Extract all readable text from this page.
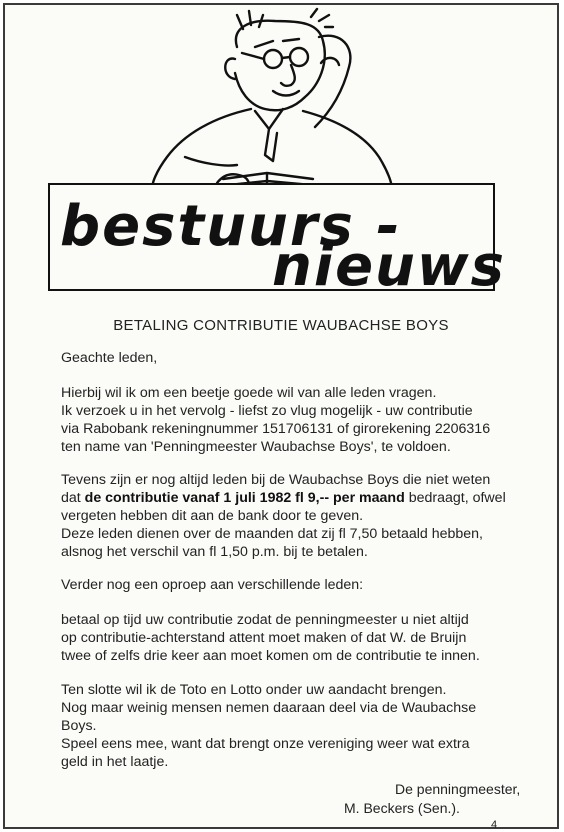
bestuurs -
nieuws
BETALING CONTRIBUTIE WAUBACHSE BOYS
Geachte leden,
Hierbij wil ik om een beetje goede wil van alle leden vragen.
Ik verzoek u in het vervolg - liefst zo vlug mogelijk - uw contributie
via Rabobank rekeningnummer 151706131 of girorekening 2206316
ten name van 'Penningmeester Waubachse Boys', te voldoen.
Tevens zijn er nog altijd leden bij de Waubachse Boys die niet weten
dat de contributie vanaf 1 juli 1982 fl 9,-- per maand bedraagt, ofwel
vergeten hebben dit aan de bank door te geven.
Deze leden dienen over de maanden dat zij fl 7,50 betaald hebben,
alsnog het verschil van fl 1,50 p.m. bij te betalen.
Verder nog een oproep aan verschillende leden:
betaal op tijd uw contributie zodat de penningmeester u niet altijd
op contributie-achterstand attent moet maken of dat W. de Bruijn
twee of zelfs drie keer aan moet komen om de contributie te innen.
Ten slotte wil ik de Toto en Lotto onder uw aandacht brengen.
Nog maar weinig mensen nemen daaraan deel via de Waubachse
Boys.
Speel eens mee, want dat brengt onze vereniging weer wat extra
geld in het laatje.
De penningmeester,
M. Beckers (Sen.).
4
